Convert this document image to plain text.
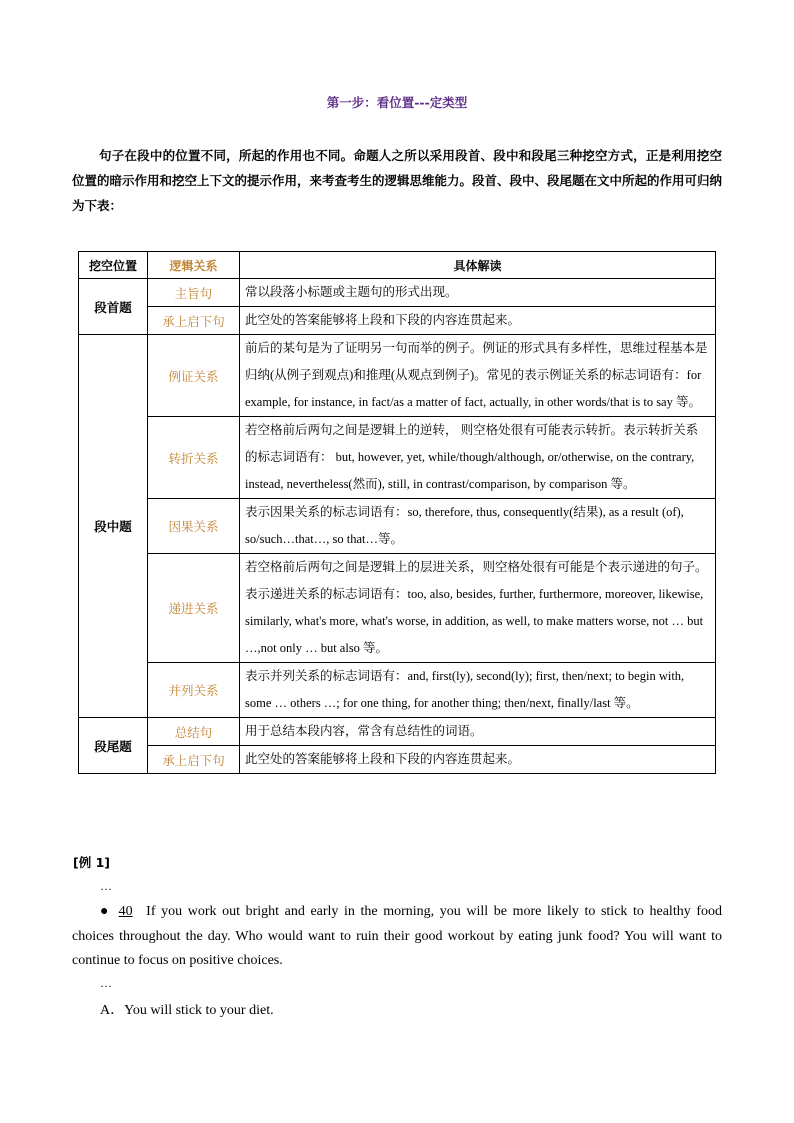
第一步：看位置---定类型

句子在段中的位置不同，所起的作用也不同。命题人之所以采用段首、段中和段尾三种挖空方式，正是利用挖空位置的暗示作用和挖空上下文的提示作用，来考查考生的逻辑思维能力。段首、段中、段尾题在文中所起的作用可归纳为下表：

挖空位置	逻辑关系	具体解读
段首题	主旨句	常以段落小标题或主题句的形式出现。
	承上启下句	此空处的答案能够将上段和下段的内容连贯起来。
段中题	例证关系	前后的某句是为了证明另一句而举的例子。例证的形式具有多样性，思维过程基本是归纳(从例子到观点)和推理(从观点到例子)。常见的表示例证关系的标志词语有：for example, for instance, in fact/as a matter of fact, actually, in other words/that is to say 等。
	转折关系	若空格前后两句之间是逻辑上的逆转， 则空格处很有可能表示转折。表示转折关系的标志词语有： but, however, yet, while/though/although, or/otherwise, on the contrary, instead, nevertheless(然而), still, in contrast/comparison, by comparison 等。
	因果关系	表示因果关系的标志词语有：so, therefore, thus, consequently(结果), as a result (of), so/such…that…, so that…等。
	递进关系	若空格前后两句之间是逻辑上的层进关系，则空格处很有可能是个表示递进的句子。表示递进关系的标志词语有：too, also, besides, further, furthermore, moreover, likewise, similarly, what's more, what's worse, in addition, as well, to make matters worse, not … but …,not only … but also 等。
	并列关系	表示并列关系的标志词语有：and, first(ly), second(ly); first, then/next; to begin with, some … others …; for one thing, for another thing; then/next, finally/last 等。
段尾题	总结句	用于总结本段内容，常含有总结性的词语。
	承上启下句	此空处的答案能够将上段和下段的内容连贯起来。
[例 1]
…

● 40 If you work out bright and early in the morning, you will be more likely to stick to healthy food choices throughout the day. Who would want to ruin their good workout by eating junk food? You will want to continue to focus on positive choices.

…
A．You will stick to your diet.
